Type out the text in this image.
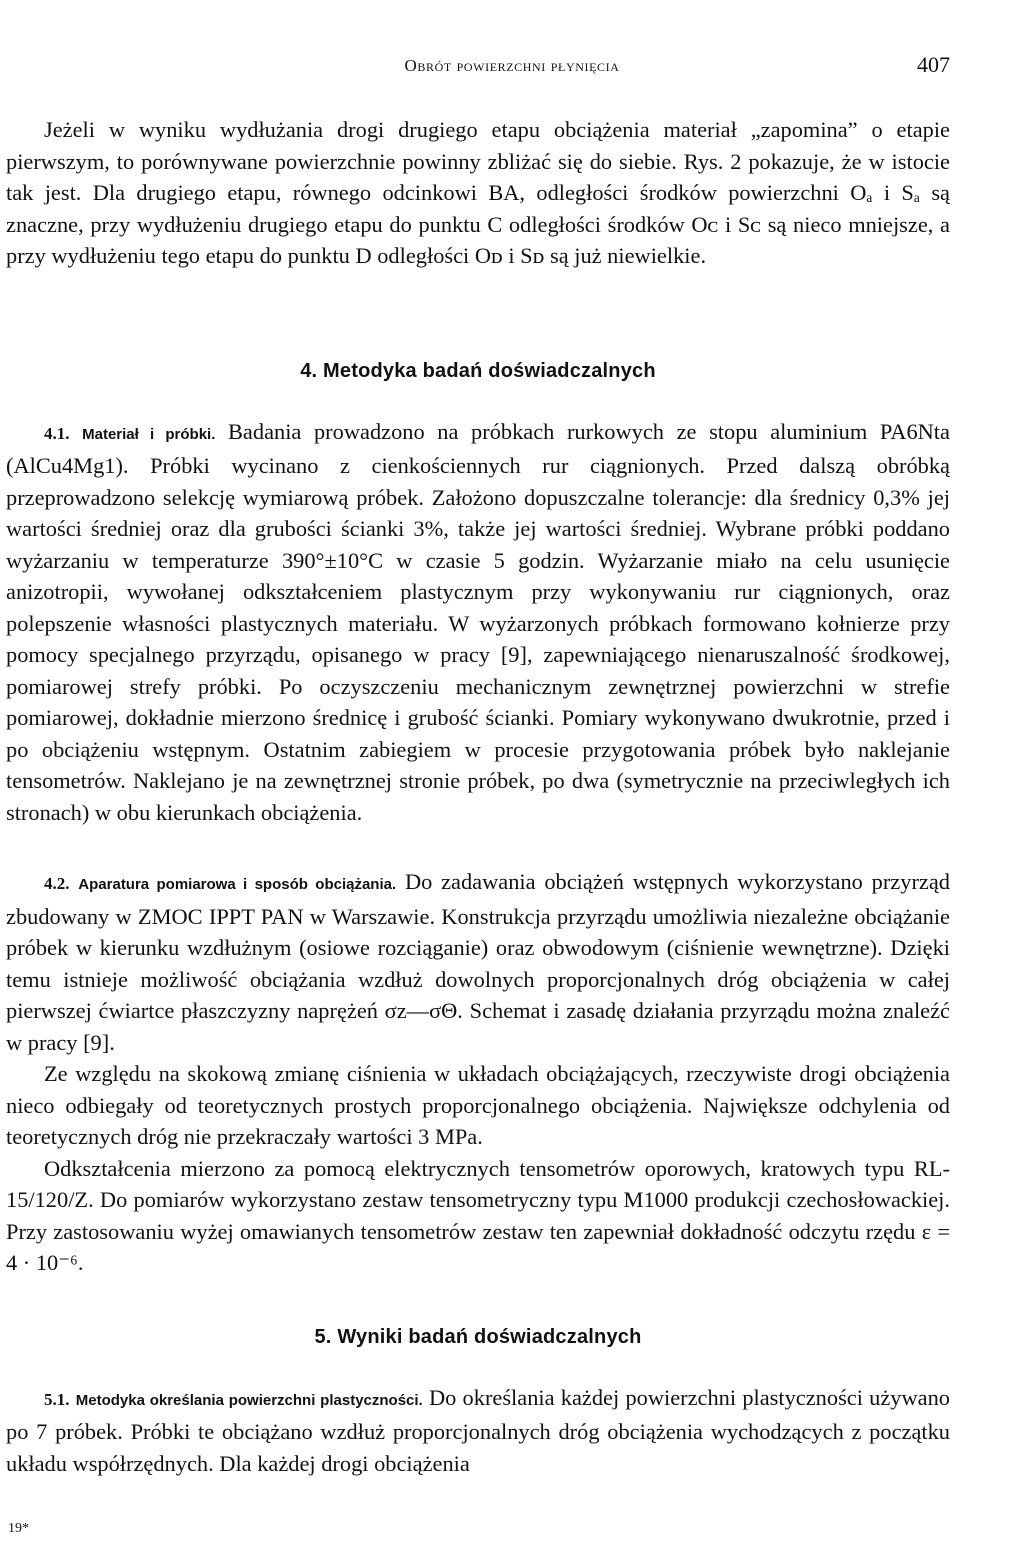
Obrót powierzchni płynięcia	407

Jeżeli w wyniku wydłużania drogi drugiego etapu obciążenia materiał „zapomina” o etapie pierwszym, to porównywane powierzchnie powinny zbliżać się do siebie. Rys. 2 pokazuje, że w istocie tak jest. Dla drugiego etapu, równego odcinkowi BA, odległości środków powierzchni Oₐ i Sₐ są znaczne, przy wydłużeniu drugiego etapu do punktu C odległości środków Oᴄ i Sᴄ są nieco mniejsze, a przy wydłużeniu tego etapu do punktu D odległości Oᴅ i Sᴅ są już niewielkie.

4. Metodyka badań doświadczalnych

4.1. Materiał i próbki. Badania prowadzono na próbkach rurkowych ze stopu aluminium PA6Nta (AlCu4Mg1). Próbki wycinano z cienkościennych rur ciągnionych. Przed dalszą obróbką przeprowadzono selekcję wymiarową próbek. Założono dopuszczalne tolerancje: dla średnicy 0,3% jej wartości średniej oraz dla grubości ścianki 3%, także jej wartości średniej. Wybrane próbki poddano wyżarzaniu w temperaturze 390°±10°C w czasie 5 godzin. Wyżarzanie miało na celu usunięcie anizotropii, wywołanej odkształceniem plastycznym przy wykonywaniu rur ciągnionych, oraz polepszenie własności plastycznych materiału. W wyżarzonych próbkach formowano kołnierze przy pomocy specjalnego przyrządu, opisanego w pracy [9], zapewniającego nienaruszalność środkowej, pomiarowej strefy próbki. Po oczyszczeniu mechanicznym zewnętrznej powierzchni w strefie pomiarowej, dokładnie mierzono średnicę i grubość ścianki. Pomiary wykonywano dwukrotnie, przed i po obciążeniu wstępnym. Ostatnim zabiegiem w procesie przygotowania próbek było naklejanie tensometrów. Naklejano je na zewnętrznej stronie próbek, po dwa (symetrycznie na przeciwległych ich stronach) w obu kierunkach obciążenia.

4.2. Aparatura pomiarowa i sposób obciążania. Do zadawania obciążeń wstępnych wykorzystano przyrząd zbudowany w ZMOC IPPT PAN w Warszawie. Konstrukcja przyrządu umożliwia niezależne obciążanie próbek w kierunku wzdłużnym (osiowe rozciąganie) oraz obwodowym (ciśnienie wewnętrzne). Dzięki temu istnieje możliwość obciążania wzdłuż dowolnych proporcjonalnych dróg obciążenia w całej pierwszej ćwiartce płaszczyzny naprężeń σz—σΘ. Schemat i zasadę działania przyrządu można znaleźć w pracy [9].

Ze względu na skokową zmianę ciśnienia w układach obciążających, rzeczywiste drogi obciążenia nieco odbiegały od teoretycznych prostych proporcjonalnego obciążenia. Największe odchylenia od teoretycznych dróg nie przekraczały wartości 3 MPa.

Odkształcenia mierzono za pomocą elektrycznych tensometrów oporowych, kratowych typu RL-15/120/Z. Do pomiarów wykorzystano zestaw tensometryczny typu M1000 produkcji czechosłowackiej. Przy zastosowaniu wyżej omawianych tensometrów zestaw ten zapewniał dokładność odczytu rzędu ε = 4 · 10⁻⁶.

5. Wyniki badań doświadczalnych

5.1. Metodyka określania powierzchni plastyczności. Do określania każdej powierzchni plastyczności używano po 7 próbek. Próbki te obciążano wzdłuż proporcjonalnych dróg obciążenia wychodzących z początku układu współrzędnych. Dla każdej drogi obciążenia

19*
